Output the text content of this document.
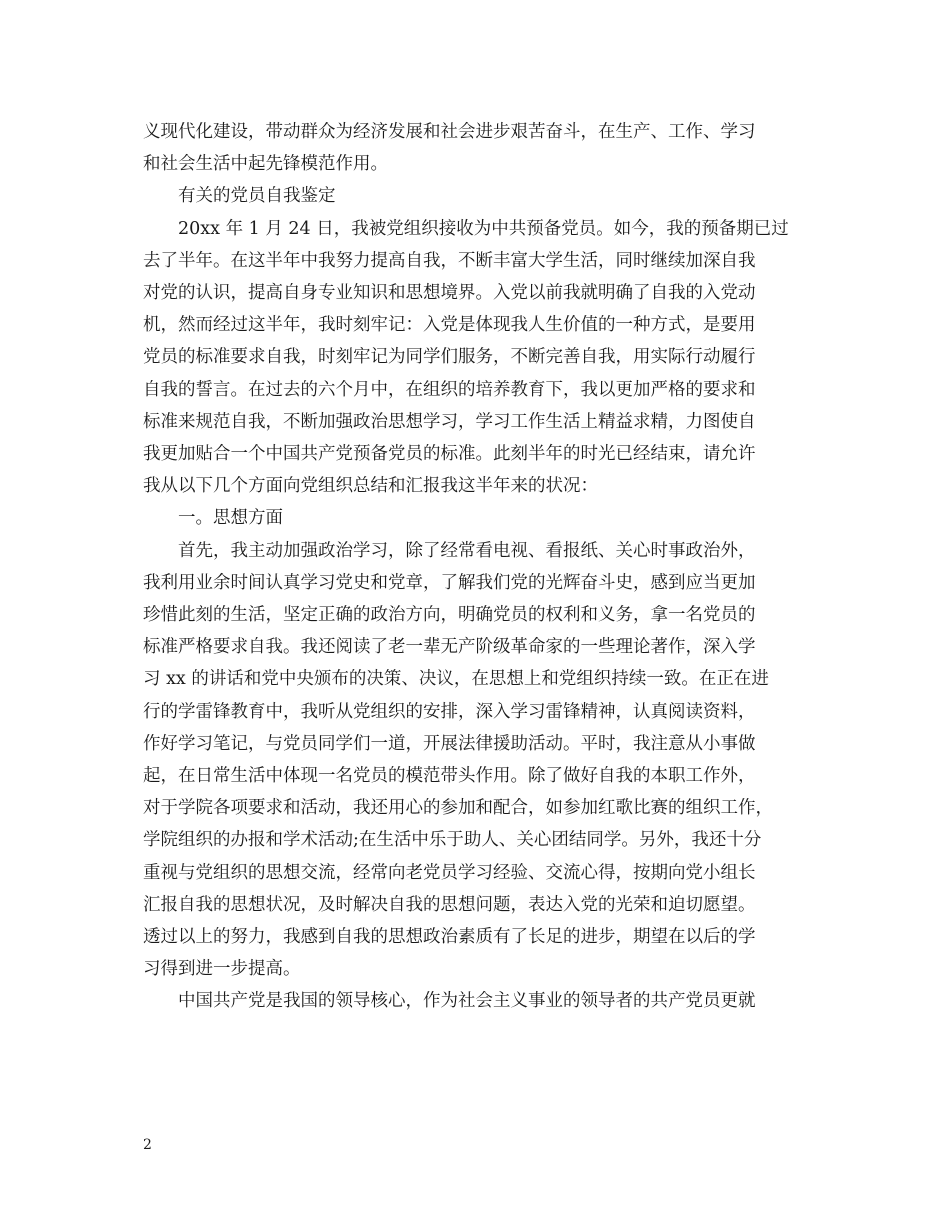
义现代化建设，带动群众为经济发展和社会进步艰苦奋斗，在生产、工作、学习
和社会生活中起先锋模范作用。

有关的党员自我鉴定

20xx 年 1 月 24 日，我被党组织接收为中共预备党员。如今，我的预备期已过
去了半年。在这半年中我努力提高自我，不断丰富大学生活，同时继续加深自我
对党的认识，提高自身专业知识和思想境界。入党以前我就明确了自我的入党动
机，然而经过这半年，我时刻牢记：入党是体现我人生价值的一种方式，是要用
党员的标准要求自我，时刻牢记为同学们服务，不断完善自我，用实际行动履行
自我的誓言。在过去的六个月中，在组织的培养教育下，我以更加严格的要求和
标准来规范自我，不断加强政治思想学习，学习工作生活上精益求精，力图使自
我更加贴合一个中国共产党预备党员的标准。此刻半年的时光已经结束，请允许
我从以下几个方面向党组织总结和汇报我这半年来的状况：

一。思想方面

首先，我主动加强政治学习，除了经常看电视、看报纸、关心时事政治外，
我利用业余时间认真学习党史和党章，了解我们党的光辉奋斗史，感到应当更加
珍惜此刻的生活，坚定正确的政治方向，明确党员的权利和义务，拿一名党员的
标准严格要求自我。我还阅读了老一辈无产阶级革命家的一些理论著作，深入学
习 xx 的讲话和党中央颁布的决策、决议，在思想上和党组织持续一致。在正在进
行的学雷锋教育中，我听从党组织的安排，深入学习雷锋精神，认真阅读资料，
作好学习笔记，与党员同学们一道，开展法律援助活动。平时，我注意从小事做
起，在日常生活中体现一名党员的模范带头作用。除了做好自我的本职工作外，
对于学院各项要求和活动，我还用心的参加和配合，如参加红歌比赛的组织工作，
学院组织的办报和学术活动;在生活中乐于助人、关心团结同学。另外，我还十分
重视与党组织的思想交流，经常向老党员学习经验、交流心得，按期向党小组长
汇报自我的思想状况，及时解决自我的思想问题，表达入党的光荣和迫切愿望。
透过以上的努力，我感到自我的思想政治素质有了长足的进步，期望在以后的学
习得到进一步提高。

中国共产党是我国的领导核心，作为社会主义事业的领导者的共产党员更就

2
